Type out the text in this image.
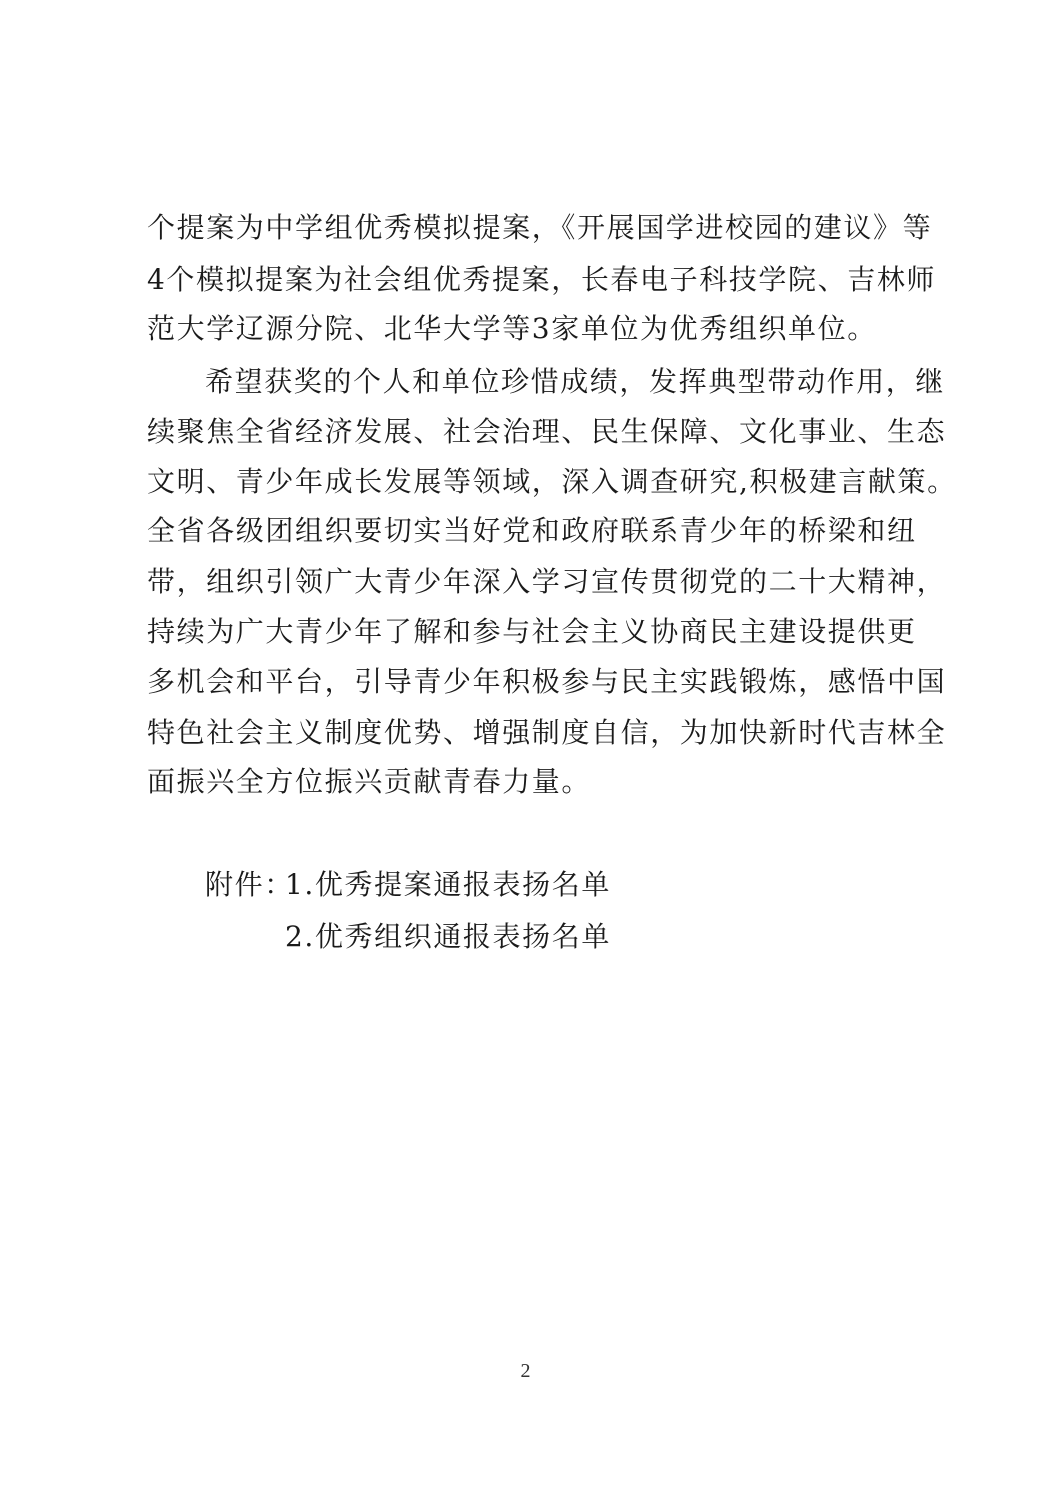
个提案为中学组优秀模拟提案，《开展国学进校园的建议》等
4个模拟提案为社会组优秀提案，长春电子科技学院、吉林师
范大学辽源分院、北华大学等3家单位为优秀组织单位。
希望获奖的个人和单位珍惜成绩，发挥典型带动作用，继
续聚焦全省经济发展、社会治理、民生保障、文化事业、生态
文明、青少年成长发展等领域，深入调查研究,积极建言献策。
全省各级团组织要切实当好党和政府联系青少年的桥梁和纽
带，组织引领广大青少年深入学习宣传贯彻党的二十大精神，
持续为广大青少年了解和参与社会主义协商民主建设提供更
多机会和平台，引导青少年积极参与民主实践锻炼，感悟中国
特色社会主义制度优势、增强制度自信，为加快新时代吉林全
面振兴全方位振兴贡献青春力量。
附件：
1.优秀提案通报表扬名单
2.优秀组织通报表扬名单
2
